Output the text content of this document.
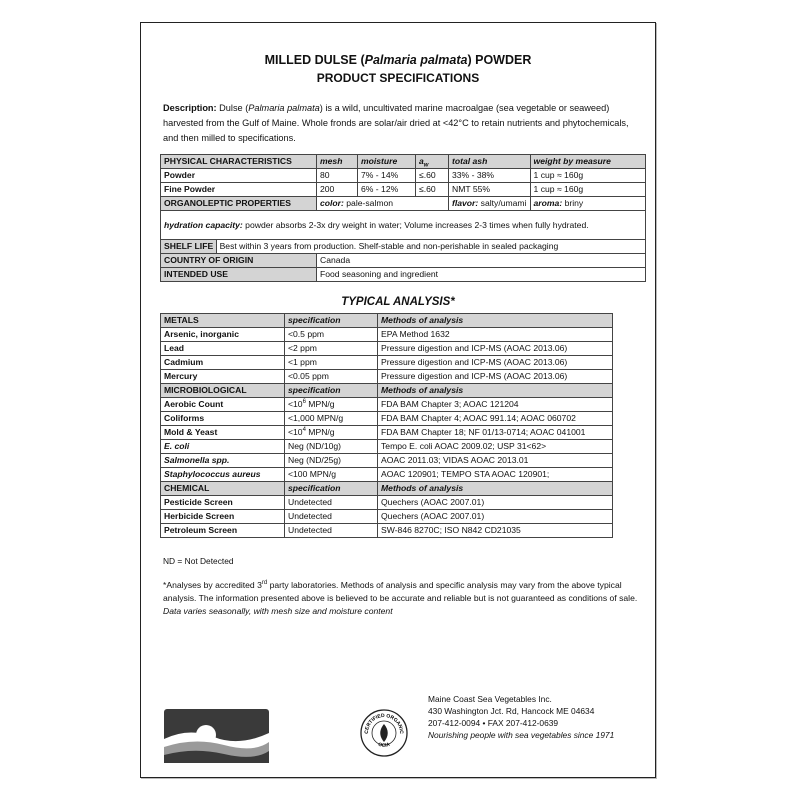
MILLED DULSE (Palmaria palmata) POWDER
PRODUCT SPECIFICATIONS
Description: Dulse (Palmaria palmata) is a wild, uncultivated marine macroalgae (sea vegetable or seaweed) harvested from the Gulf of Maine. Whole fronds are solar/air dried at <42°C to retain nutrients and phytochemicals, and then milled to specifications.
PHYSICAL CHARACTERISTICS	mesh	moisture	$a_w$	total ash	weight by measure
Powder	80	7% - 14%	≤.60	33% - 38%	1 cup ≈ 160g
Fine Powder	200	6% - 12%	≤.60	NMT 55%	1 cup ≈ 160g
ORGANOLEPTIC PROPERTIES	color: pale-salmon			flavor: salty/umami	aroma: briny
hydration capacity: powder absorbs 2-3x dry weight in water; Volume increases 2-3 times when fully hydrated.					
SHELF LIFE Best within 3 years from production. Shelf-stable and non-perishable in sealed packaging					
COUNTRY OF ORIGIN	Canada				
INTENDED USE	Food seasoning and ingredient				
TYPICAL ANALYSIS*
METALS	specification	Methods of analysis
Arsenic, inorganic	<0.5 ppm	EPA Method 1632
Lead	<2 ppm	Pressure digestion and ICP-MS (AOAC 2013.06)
Cadmium	<1 ppm	Pressure digestion and ICP-MS (AOAC 2013.06)
Mercury	<0.05 ppm	Pressure digestion and ICP-MS (AOAC 2013.06)
MICROBIOLOGICAL	specification	Methods of analysis
Aerobic Count	$<10^6$ MPN/g	FDA BAM Chapter 3; AOAC 121204
Coliforms	<1,000 MPN/g	FDA BAM Chapter 4; AOAC 991.14; AOAC 060702
Mold & Yeast	$<10^4$ MPN/g	FDA BAM Chapter 18; NF 01/13-0714; AOAC 041001
E. coli	Neg (ND/10g)	Tempo E. coli AOAC 2009.02; USP 31<62>
Salmonella spp.	Neg (ND/25g)	AOAC 2011.03; VIDAS AOAC 2013.01
Staphylococcus aureus	<100 MPN/g	AOAC 120901; TEMPO STA AOAC 120901;
CHEMICAL	specification	Methods of analysis
Pesticide Screen	Undetected	Quechers (AOAC 2007.01)
Herbicide Screen	Undetected	Quechers (AOAC 2007.01)
Petroleum Screen	Undetected	SW-846 8270C; ISO N842 CD21035
ND = Not Detected
*Analyses by accredited 3rd party laboratories. Methods of analysis and specific analysis may vary from the above typical analysis. The information presented above is believed to be accurate and reliable but is not guaranteed as conditions of sale. Data varies seasonally, with mesh size and moisture content
CERTIFIED ORGANIC
OCIA
Maine Coast Sea Vegetables Inc.
430 Washington Jct. Rd, Hancock ME 04634
207-412-0094 • FAX 207-412-0639
Nourishing people with sea vegetables since 1971
